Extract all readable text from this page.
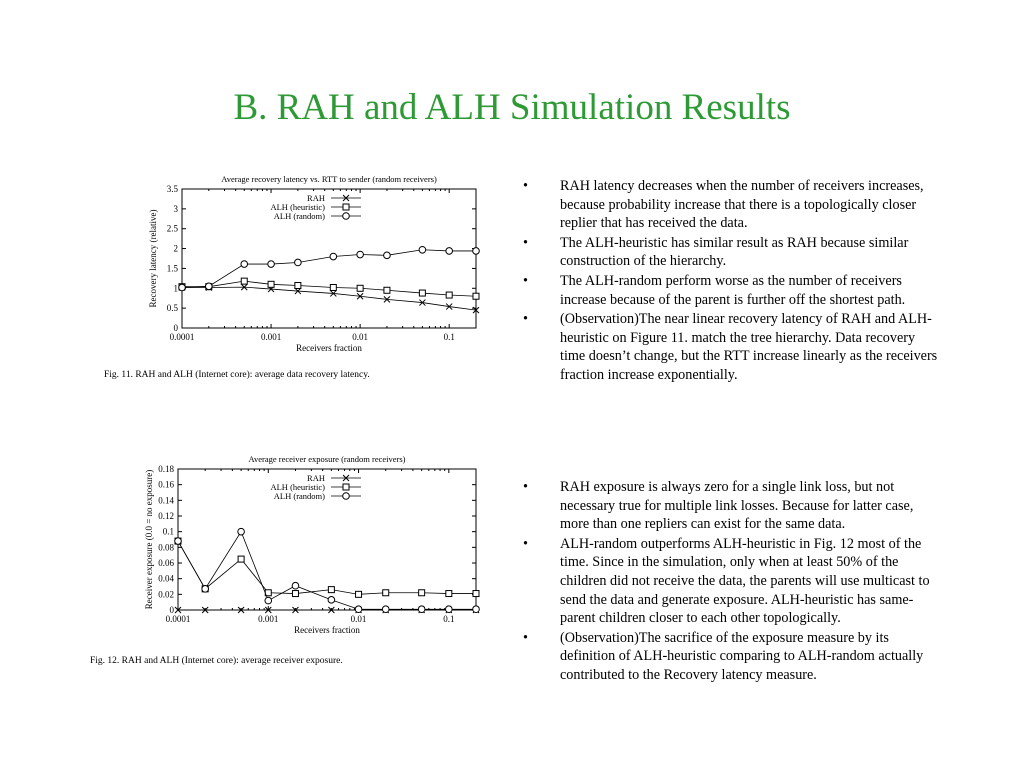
B. RAH and ALH Simulation Results
Average recovery latency vs. RTT to sender (random receivers)
0
0.5
1
1.5
2
2.5
3
3.5
0.0001	0.001	0.01	0.1
Receivers fraction
Recovery latency (relative)
RAH
ALH (heuristic)
ALH (random)
Fig. 11. RAH and ALH (Internet core): average data recovery latency.
Average receiver exposure (random receivers)
0
0.02
0.04
0.06
0.08
0.1
0.12
0.14
0.16
0.18
0.0001	0.001	0.01	0.1
Receivers fraction
Receiver exposure (0.0 = no exposure)	RAH
ALH (heuristic)
ALH (random)
Fig. 12. RAH and ALH (Internet core): average receiver exposure.
• RAH latency decreases when the number of receivers increases, because probability increase that there is a topologically closer replier that has received the data.
• The ALH-heuristic has similar result as RAH because similar construction of the hierarchy.
• The ALH-random perform worse as the number of receivers increase because of the parent is further off the shortest path.
• (Observation)The near linear recovery latency of RAH and ALH-heuristic on Figure 11. match the tree hierarchy. Data recovery time doesn’t change, but the RTT increase linearly as the receivers fraction increase exponentially.
• RAH exposure is always zero for a single link loss, but not necessary true for multiple link losses. Because for latter case, more than one repliers can exist for the same data.
• ALH-random outperforms ALH-heuristic in Fig. 12 most of the time. Since in the simulation, only when at least 50% of the children did not receive the data, the parents will use multicast to send the data and generate exposure. ALH-heuristic has same-parent children closer to each other topologically.
• (Observation)The sacrifice of the exposure measure by its definition of ALH-heuristic comparing to ALH-random actually contributed to the Recovery latency measure.
